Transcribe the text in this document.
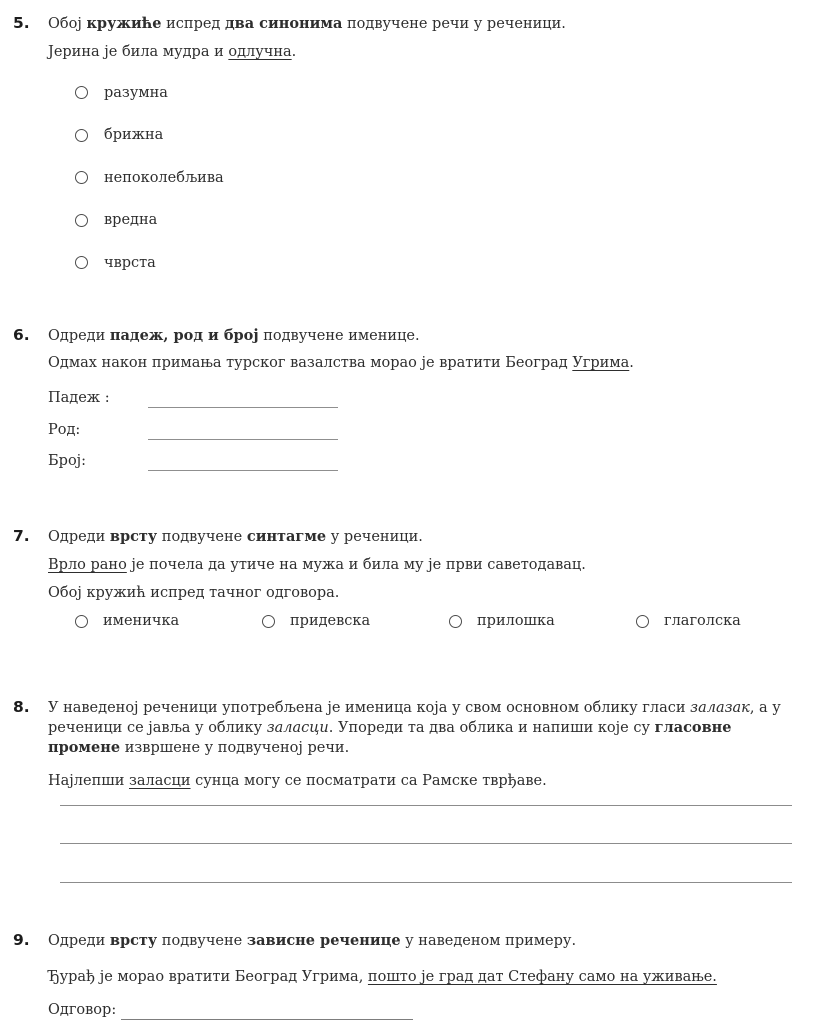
5. Обој кружиће испред два синонима подвучене речи у реченици.

Јерина је била мудра и одлучна.

разумна
брижна
непоколебљива
вредна
чврста
6. Одреди падеж, род и број подвучене именице.

Одмах након примања турског вазалства морао је вратити Београд Угрима.

Падеж :
Род:
Број:
7. Одреди врсту подвучене синтагме у реченици.

Врло рано је почела да утиче на мужа и била му је први саветодавац.

Обој кружић испред тачног одговора.

именичка	придевска	прилошка	глаголска
8. У наведеној реченици употребљена је именица која у свом основном облику гласи залазак, а у реченици се јавља у облику заласци. Упореди та два облика и напиши које су гласовне промене извршене у подвученој речи.

Најлепши заласци сунца могу се посматрати са Рамске тврђаве.

9. Одреди врсту подвучене зависне реченице у наведеном примеру.

Ђурађ је морао вратити Београд Угрима, пошто је град дат Стефану само на уживање.

Одговор:
